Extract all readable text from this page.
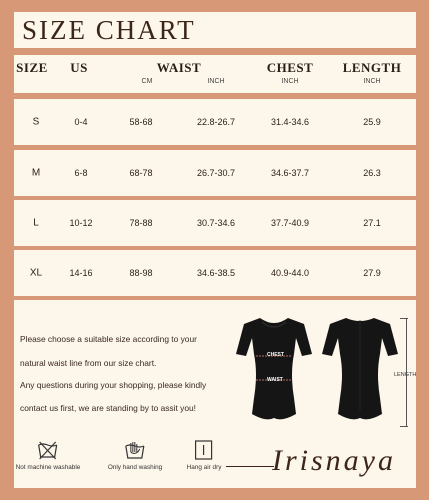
SIZE CHART
SIZE US	WAIST	CHEST LENGTH
CM	INCH	INCH	INCH
S	0-4	58-68	22.8-26.7	31.4-34.6	25.9
M	6-8	68-78	26.7-30.7	34.6-37.7	26.3
L	10-12	78-88	30.7-34.6	37.7-40.9	27.1
XL	14-16	88-98	34.6-38.5	40.9-44.0	27.9
Please choose a suitable size according to your
natural waist line from our size chart.
Any questions during your shopping, please kindly
contact us first, we are standing by to assit you!
CHEST
WAIST
LENGTH
Not machine washable	Only hand washing	Hang air dry Irisnaya
